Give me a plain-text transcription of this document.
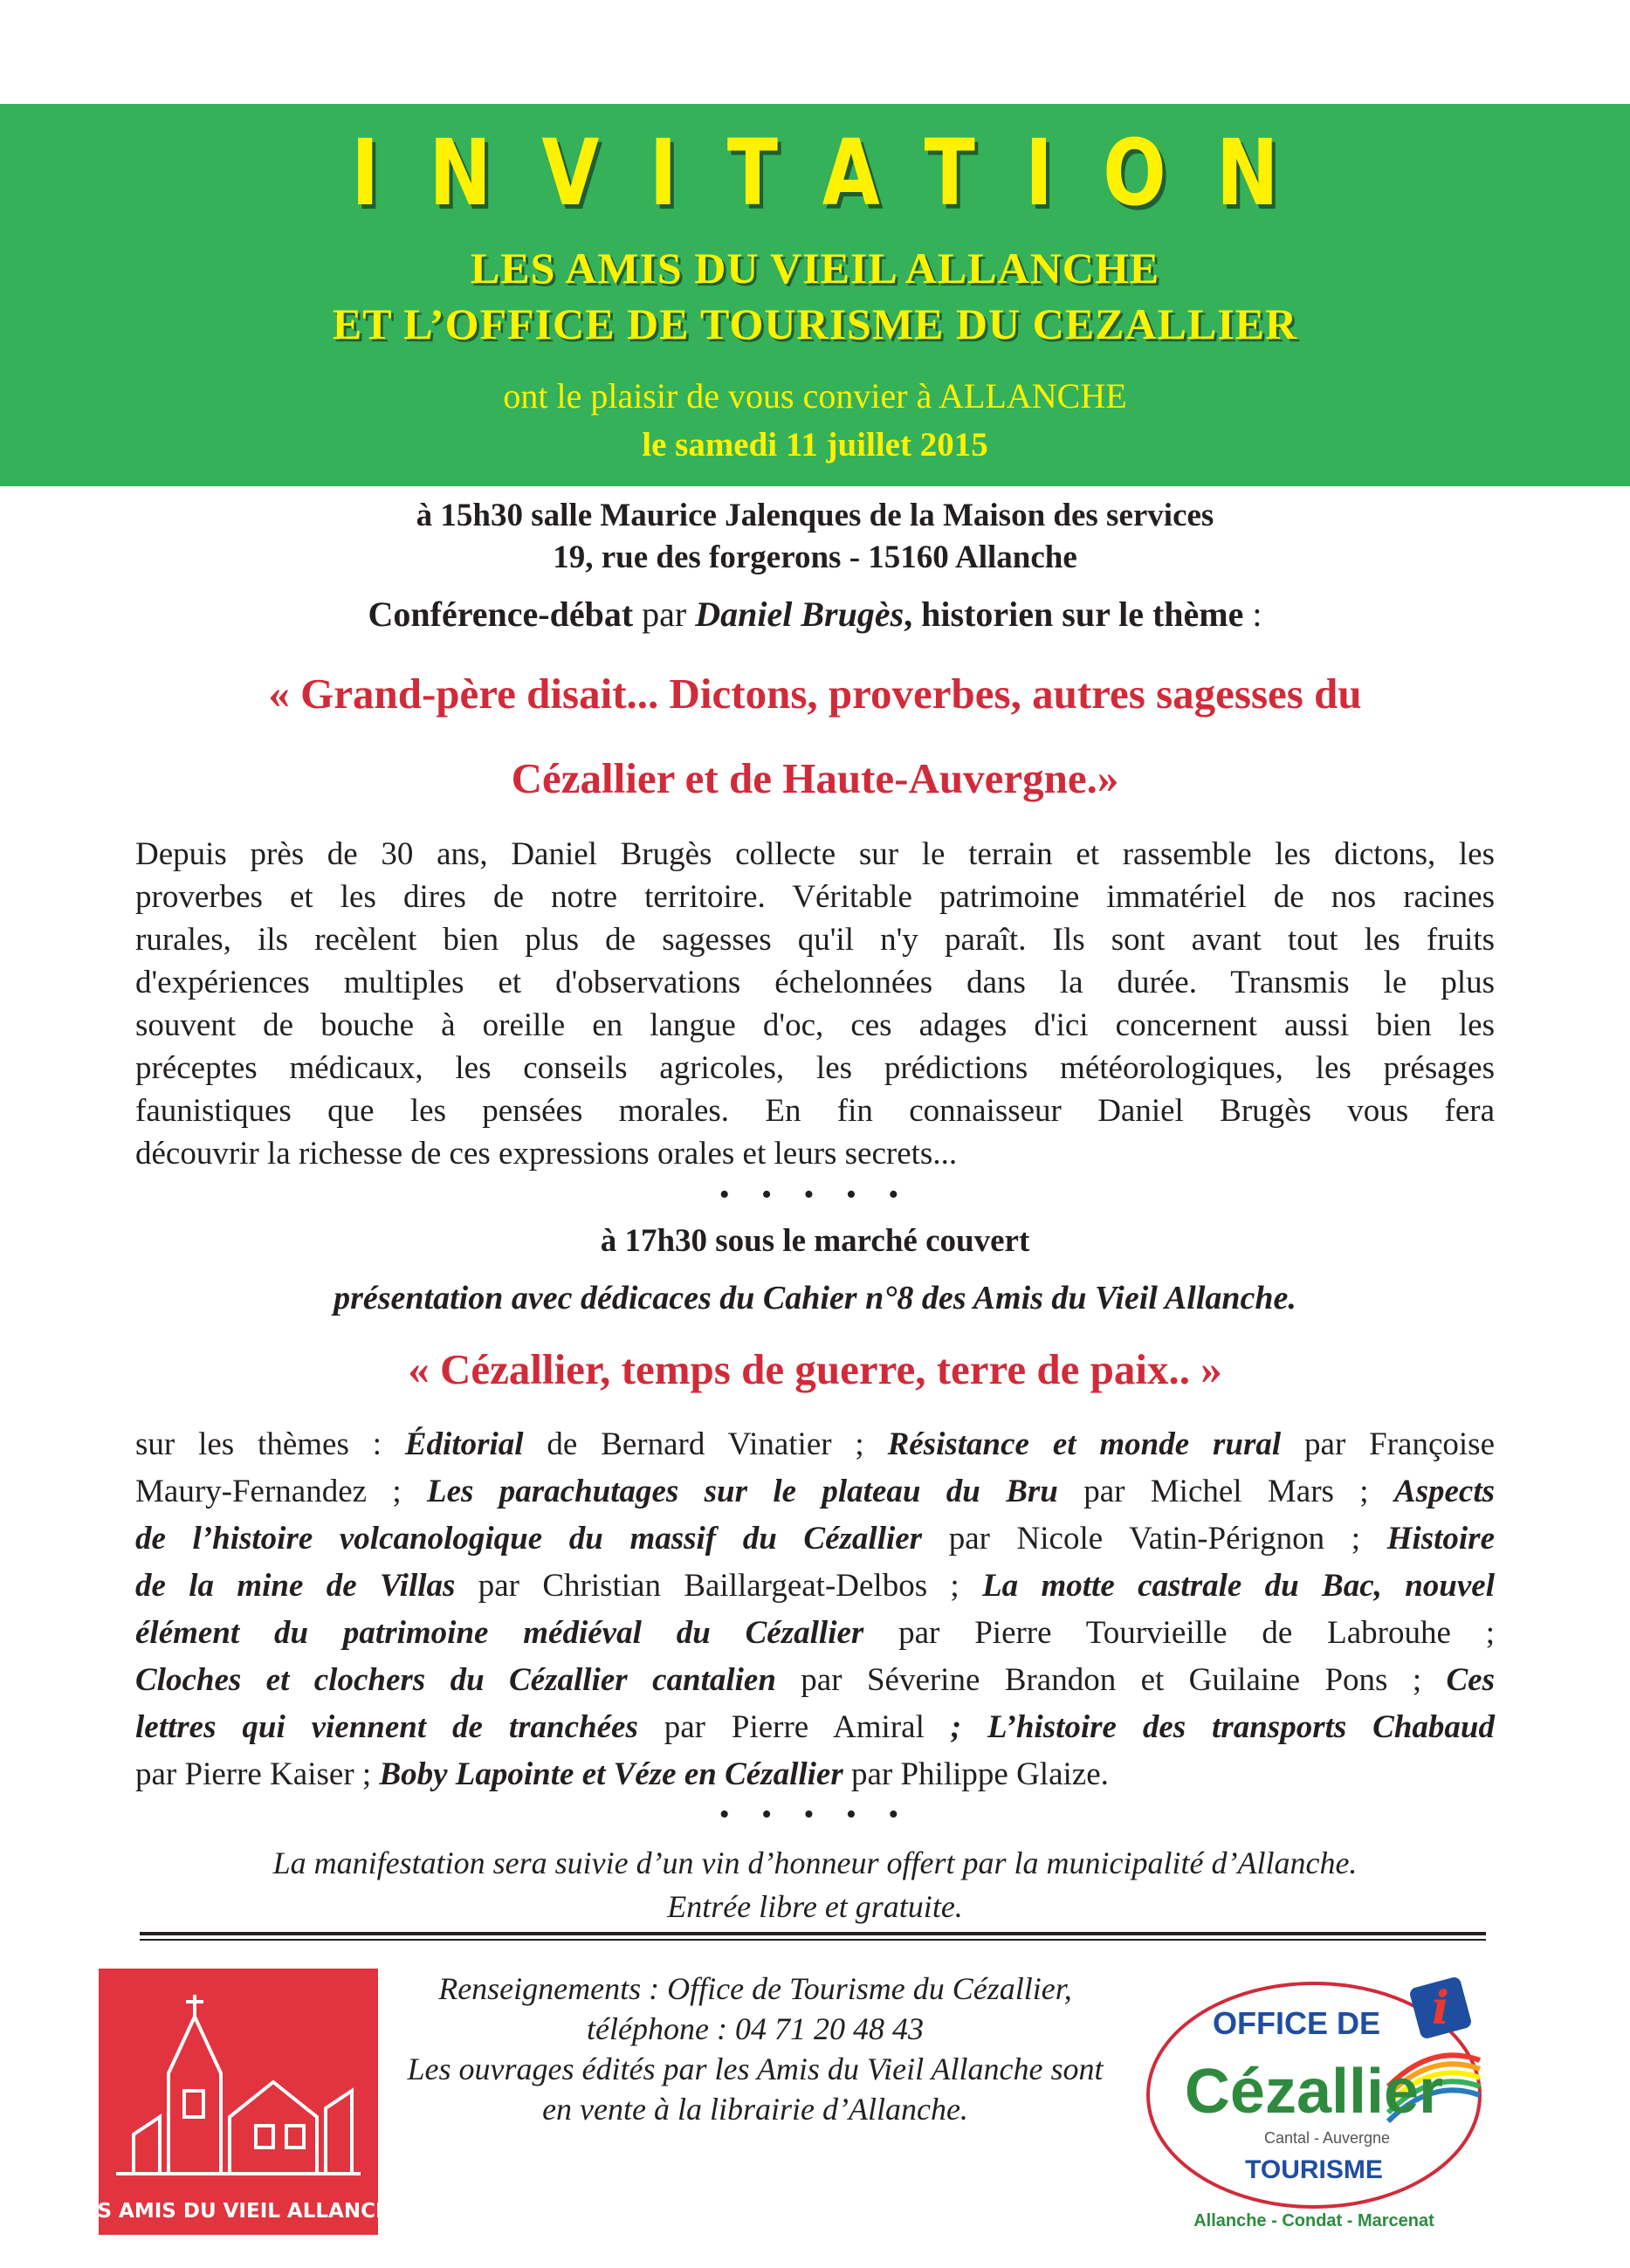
INVITATION
LES AMIS DU VIEIL ALLANCHE
ET L’OFFICE DE TOURISME DU CEZALLIER
ont le plaisir de vous convier à ALLANCHE
le samedi 11 juillet 2015
à 15h30 salle Maurice Jalenques de la Maison des services
19, rue des forgerons - 15160 Allanche
Conférence-débat par Daniel Brugès, historien sur le thème :
« Grand-père disait... Dictons, proverbes, autres sagesses du
Cézallier et de Haute-Auvergne.»
Depuis près de 30 ans, Daniel Brugès collecte sur le terrain et rassemble les dictons, les
proverbes et les dires de notre territoire. Véritable patrimoine immatériel de nos racines
rurales, ils recèlent bien plus de sagesses qu'il n'y paraît. Ils sont avant tout les fruits
d'expériences multiples et d'observations échelonnées dans la durée. Transmis le plus
souvent de bouche à oreille en langue d'oc, ces adages d'ici concernent aussi bien les
préceptes médicaux, les conseils agricoles, les prédictions météorologiques, les présages
faunistiques que les pensées morales. En fin connaisseur Daniel Brugès vous fera
découvrir la richesse de ces expressions orales et leurs secrets...
• • • • •
à 17h30 sous le marché couvert
présentation avec dédicaces du Cahier n°8 des Amis du Vieil Allanche.
« Cézallier, temps de guerre, terre de paix.. »
sur les thèmes : Éditorial de Bernard Vinatier ; Résistance et monde rural par Françoise
Maury-Fernandez ; Les parachutages sur le plateau du Bru par Michel Mars ; Aspects
de l’histoire volcanologique du massif du Cézallier par Nicole Vatin-Pérignon ; Histoire
de la mine de Villas par Christian Baillargeat-Delbos ; La motte castrale du Bac, nouvel
élément du patrimoine médiéval du Cézallier par Pierre Tourvieille de Labrouhe ;
Cloches et clochers du Cézallier cantalien par Séverine Brandon et Guilaine Pons ; Ces
lettres qui viennent de tranchées par Pierre Amiral ; L’histoire des transports Chabaud
par Pierre Kaiser ; Boby Lapointe et Véze en Cézallier par Philippe Glaize.
• • • • •
La manifestation sera suivie d’un vin d’honneur offert par la municipalité d’Allanche.
Entrée libre et gratuite.
LES AMIS DU VIEIL ALLANCHE
Renseignements : Office de Tourisme du Cézallier,
téléphone : 04 71 20 48 43
Les ouvrages édités par les Amis du Vieil Allanche sont
en vente à la librairie d’Allanche.
i
OFFICE DE
Cézallier
Cantal - Auvergne
TOURISME
Allanche - Condat - Marcenat
